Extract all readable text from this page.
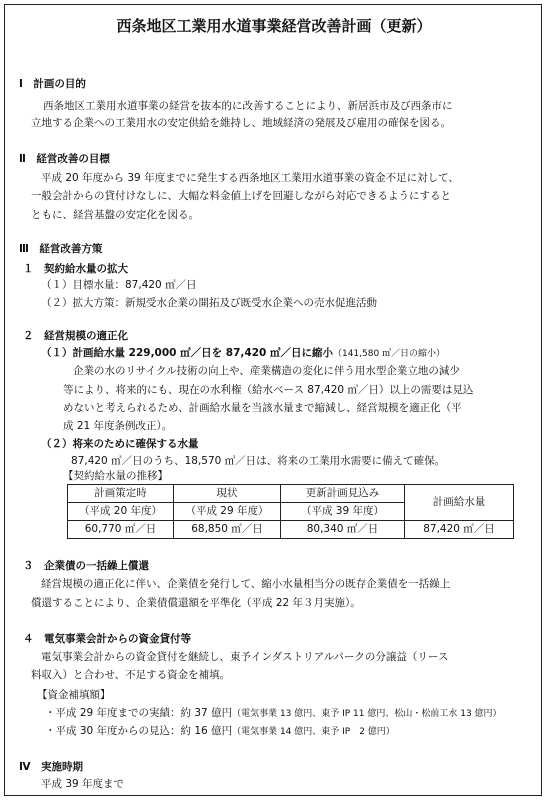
西条地区工業用水道事業経営改善計画（更新）
Ⅰ　計画の目的
西条地区工業用水道事業の経営を抜本的に改善することにより、新居浜市及び西条市に
立地する企業への工業用水の安定供給を維持し、地域経済の発展及び雇用の確保を図る。
Ⅱ　経営改善の目標
平成 20 年度から 39 年度までに発生する西条地区工業用水道事業の資金不足に対して、
一般会計からの貸付けなしに、大幅な料金値上げを回避しながら対応できるようにすると
ともに、経営基盤の安定化を図る。
Ⅲ　経営改善方策
１　契約給水量の拡大
（１）目標水量：87,420 ㎥／日
（２）拡大方策：新規受水企業の開拓及び既受水企業への売水促進活動
２　経営規模の適正化
（１）計画給水量 229,000 ㎥／日を 87,420 ㎥／日に縮小（141,580 ㎥／日の縮小）
企業の水のリサイクル技術の向上や、産業構造の変化に伴う用水型企業立地の減少
等により、将来的にも、現在の水利権（給水ベース 87,420 ㎥／日）以上の需要は見込
めないと考えられるため、計画給水量を当該水量まで縮減し、経営規模を適正化（平
成 21 年度条例改正）。
（２）将来のために確保する水量
87,420 ㎥／日のうち、18,570 ㎥／日は、将来の工業用水需要に備えて確保。
【契約給水量の推移】
計画策定時	現状	更新計画見込み	計画給水量
（平成 20 年度）	（平成 29 年度）	（平成 39 年度）	
60,770 ㎥／日	68,850 ㎥／日	80,340 ㎥／日	87,420 ㎥／日
３　企業債の一括繰上償還
経営規模の適正化に伴い、企業債を発行して、縮小水量相当分の既存企業債を一括繰上
償還することにより、企業債償還額を平準化（平成 22 年３月実施）。
４　電気事業会計からの資金貸付等
電気事業会計からの資金貸付を継続し、東予インダストリアルパークの分譲益（リース
料収入）と合わせ、不足する資金を補填。
【資金補填額】
・平成 29 年度までの実績：約 37 億円（電気事業 13 億円、東予 IP 11 億円、松山・松前工水 13 億円）
・平成 30 年度からの見込：約 16 億円（電気事業 14 億円、東予 IP　2 億円）
Ⅳ　実施時期
平成 39 年度まで
